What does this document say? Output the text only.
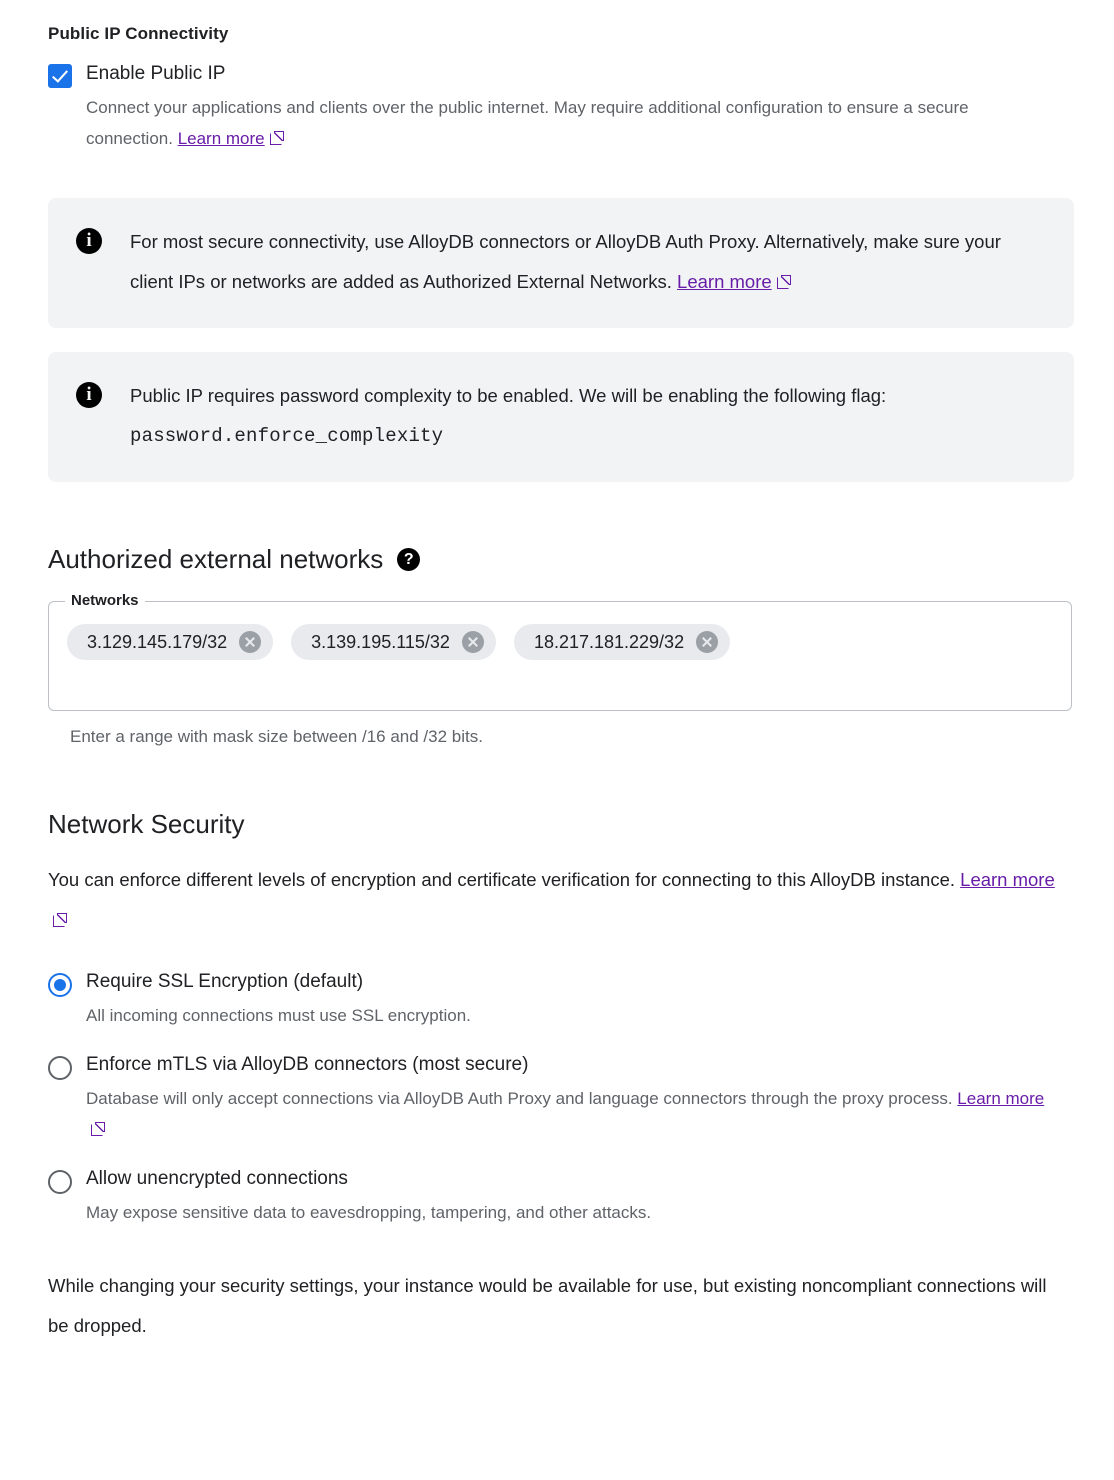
Public IP Connectivity
Enable Public IP
Connect your applications and clients over the public internet. May require additional configuration to ensure a secure connection. Learn more
i	For most secure connectivity, use AlloyDB connectors or AlloyDB Auth Proxy. Alternatively, make sure your client IPs or networks are added as Authorized External Networks. Learn more
i	Public IP requires password complexity to be enabled. We will be enabling the following flag:
password.enforce_complexity
Authorized external networks	?
Networks
3.129.145.179/32	3.139.195.115/32	18.217.181.229/32
Enter a range with mask size between /16 and /32 bits.
Network Security
You can enforce different levels of encryption and certificate verification for connecting to this AlloyDB instance. Learn more
Require SSL Encryption (default)
All incoming connections must use SSL encryption.
Enforce mTLS via AlloyDB connectors (most secure)
Database will only accept connections via AlloyDB Auth Proxy and language connectors through the proxy process. Learn more
Allow unencrypted connections
May expose sensitive data to eavesdropping, tampering, and other attacks.
While changing your security settings, your instance would be available for use, but existing noncompliant connections will be dropped.
